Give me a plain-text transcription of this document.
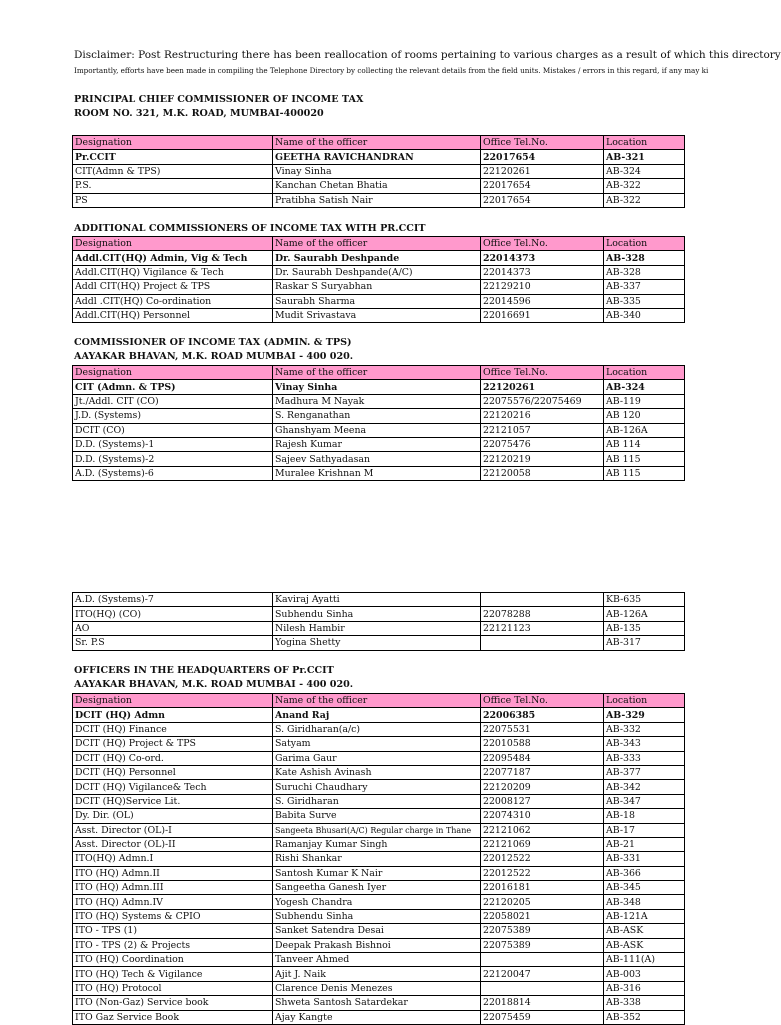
Disclaimer: Post Restructuring there has been reallocation of rooms pertaining to various charges as a result of which this directory
Importantly, efforts have been made in compiling the Telephone Directory by collecting the relevant details from the field units. Mistakes / errors in this regard, if any may ki
PRINCIPAL CHIEF COMMISSIONER OF INCOME TAX
ROOM NO. 321, M.K. ROAD, MUMBAI-400020
Designation	Name of the officer	Office Tel.No.	Location
Pr.CCIT	GEETHA RAVICHANDRAN	22017654	AB-321
CIT(Admn & TPS)	Vinay Sinha	22120261	AB-324
P.S.	Kanchan Chetan Bhatia	22017654	AB-322
PS	Pratibha Satish Nair	22017654	AB-322
ADDITIONAL COMMISSIONERS OF INCOME TAX WITH PR.CCIT
Designation	Name of the officer	Office Tel.No.	Location
Addl.CIT(HQ) Admin, Vig & Tech	Dr. Saurabh Deshpande	22014373	AB-328
Addl.CIT(HQ) Vigilance & Tech	Dr. Saurabh Deshpande(A/C)	22014373	AB-328
Addl CIT(HQ) Project & TPS	Raskar S Suryabhan	22129210	AB-337
Addl .CIT(HQ) Co-ordination	Saurabh Sharma	22014596	AB-335
Addl.CIT(HQ) Personnel	Mudit Srivastava	22016691	AB-340
COMMISSIONER OF INCOME TAX (ADMIN. & TPS)
AAYAKAR BHAVAN, M.K. ROAD MUMBAI - 400 020.
Designation	Name of the officer	Office Tel.No.	Location
CIT (Admn. & TPS)	Vinay Sinha	22120261	AB-324
Jt./Addl. CIT (CO)	Madhura M Nayak	22075576/22075469	AB-119
J.D. (Systems)	S. Renganathan	22120216	AB 120
DCIT (CO)	Ghanshyam Meena	22121057	AB-126A
D.D. (Systems)-1	Rajesh Kumar	22075476	AB 114
D.D. (Systems)-2	Sajeev Sathyadasan	22120219	AB 115
A.D. (Systems)-6	Muralee Krishnan M	22120058	AB 115
A.D. (Systems)-7	Kaviraj Ayatti		KB-635
ITO(HQ) (CO)	Subhendu Sinha	22078288	AB-126A
AO	Nilesh Hambir	22121123	AB-135
Sr. P.S	Yogina Shetty		AB-317
OFFICERS IN THE HEADQUARTERS OF Pr.CCIT
AAYAKAR BHAVAN, M.K. ROAD MUMBAI - 400 020.
Designation	Name of the officer	Office Tel.No.	Location
DCIT (HQ) Admn	Anand Raj	22006385	AB-329
DCIT (HQ) Finance	S. Giridharan(a/c)	22075531	AB-332
DCIT (HQ) Project & TPS	Satyam	22010588	AB-343
DCIT (HQ) Co-ord.	Garima Gaur	22095484	AB-333
DCIT (HQ) Personnel	Kate Ashish Avinash	22077187	AB-377
DCIT (HQ) Vigilance& Tech	Suruchi Chaudhary	22120209	AB-342
DCIT (HQ)Service Lit.	S. Giridharan	22008127	AB-347
Dy. Dir. (OL)	Babita Surve	22074310	AB-18
Asst. Director (OL)-I	Sangeeta Bhusari(A/C) Regular charge in Thane	22121062	AB-17
Asst. Director (OL)-II	Ramanjay Kumar Singh	22121069	AB-21
ITO(HQ) Admn.I	Rishi Shankar	22012522	AB-331
ITO (HQ) Admn.II	Santosh Kumar K Nair	22012522	AB-366
ITO (HQ) Admn.III	Sangeetha Ganesh Iyer	22016181	AB-345
ITO (HQ) Admn.IV	Yogesh Chandra	22120205	AB-348
ITO (HQ) Systems & CPIO	Subhendu Sinha	22058021	AB-121A
ITO - TPS (1)	Sanket Satendra Desai	22075389	AB-ASK
ITO - TPS (2) & Projects	Deepak Prakash Bishnoi	22075389	AB-ASK
ITO (HQ) Coordination	Tanveer Ahmed		AB-111(A)
ITO (HQ) Tech & Vigilance	Ajit J. Naik	22120047	AB-003
ITO (HQ) Protocol	Clarence Denis Menezes		AB-316
ITO (Non-Gaz) Service book	Shweta Santosh Satardekar	22018814	AB-338
ITO Gaz Service Book	Ajay Kangte	22075459	AB-352
